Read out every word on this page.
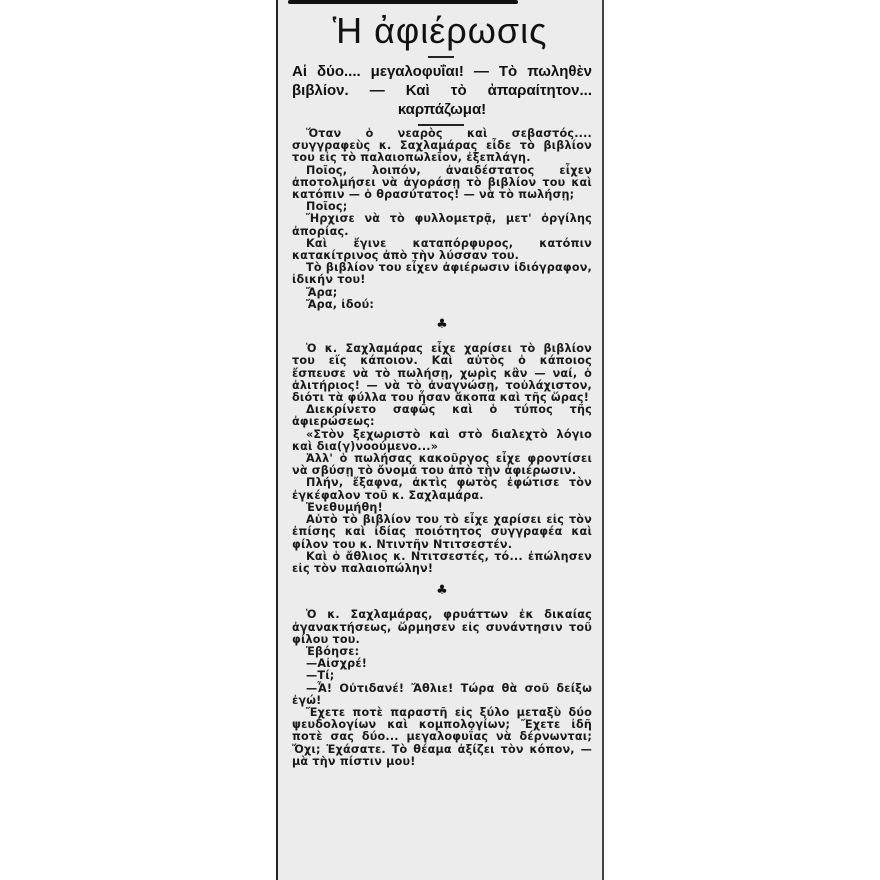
Ἡ ἀφιέρωσις
Αἱ δύο.... μεγαλοφυΐαι! — Τὸ πωληθὲν βιβλίον. — Καὶ τὸ ἀπαραίτητον... καρπάζωμα!

Ὅταν ὁ νεαρὸς καὶ σεβαστός.... συγγραφεὺς κ. Σαχλαμάρας εἶδε τὸ βιβλίον του εἰς τὸ παλαιοπωλεῖον, ἐξεπλάγη.

Ποῖος, λοιπόν, ἀναιδέστατος εἶχεν ἀποτολμήσει νὰ ἀγοράσῃ τὸ βιβλίον του καὶ κατόπιν — ὁ θρασύτατος! — νὰ τὸ πωλήσῃ;

Ποῖος;

Ἤρχισε νὰ τὸ φυλλομετρᾷ, μετ' ὀργίλης ἀπορίας.

Καὶ ἔγινε καταπόρφυρος, κατόπιν κατακίτρινος ἀπὸ τὴν λύσσαν του.

Τὸ βιβλίον του εἶχεν ἀφιέρωσιν ἰδιόγραφον, ἰδικήν του!

Ἄρα;

Ἄρα, ἰδού:

♣

Ὁ κ. Σαχλαμάρας εἶχε χαρίσει τὸ βιβλίον του εἴς κάποιον. Καὶ αὐτὸς ὁ κάποιος ἔσπευσε νὰ τὸ πωλήσῃ, χωρὶς κἂν — ναί, ὁ ἀλιτήριος! — νὰ τὸ ἀναγνώσῃ, τοὐλάχιστον, διότι τὰ φύλλα του ἦσαν ἄκοπα καὶ τῆς ὥρας!

Διεκρίνετο σαφῶς καὶ ὁ τύπος τῆς ἀφιερώσεως:

«Στὸν ξεχωριστὸ καὶ στὸ διαλεχτὸ λόγιο καὶ δια(γ)νοούμενο...»

Ἀλλ' ὁ πωλήσας κακοῦργος εἶχε φροντίσει νὰ σβύσῃ τὸ ὄνομά του ἀπὸ τὴν ἀφιέρωσιν.

Πλήν, ἔξαφνα, ἀκτὶς φωτὸς ἐφώτισε τὸν ἐγκέφαλον τοῦ κ. Σαχλαμάρα.

Ἐνεθυμήθη!

Αὐτὸ τὸ βιβλίον του τὸ εἶχε χαρίσει εἰς τὸν ἐπίσης καὶ ἰδίας ποιότητος συγγραφέα καὶ φίλον του κ. Ντιντῆν Ντιτσεστέν.

Καὶ ὁ ἄθλιος κ. Ντιτσεστές, τό... ἐπώλησεν εἰς τὸν παλαιοπώλην!

♣

Ὁ κ. Σαχλαμάρας, φρυάττων ἐκ δικαίας ἀγανακτήσεως, ὥρμησεν εἰς συνάντησιν τοῦ φίλου του.

Ἐβόησε:

—Αἰσχρέ!

—Τί;

—Ἆ! Οὐτιδανέ! Ἄθλιε! Τώρα θὰ σοῦ δείξω ἐγώ!

Ἔχετε ποτὲ παραστῆ εἰς ξύλο μεταξὺ δύο ψευδολογίων καὶ κομπολογίων; Ἔχετε ἰδῆ ποτὲ σας δύο... μεγαλοφυΐας νὰ δέρνωνται; Ὄχι; Ἐχάσατε. Τὸ θέαμα ἀξίζει τὸν κόπον, — μὰ τὴν πίστιν μου!
